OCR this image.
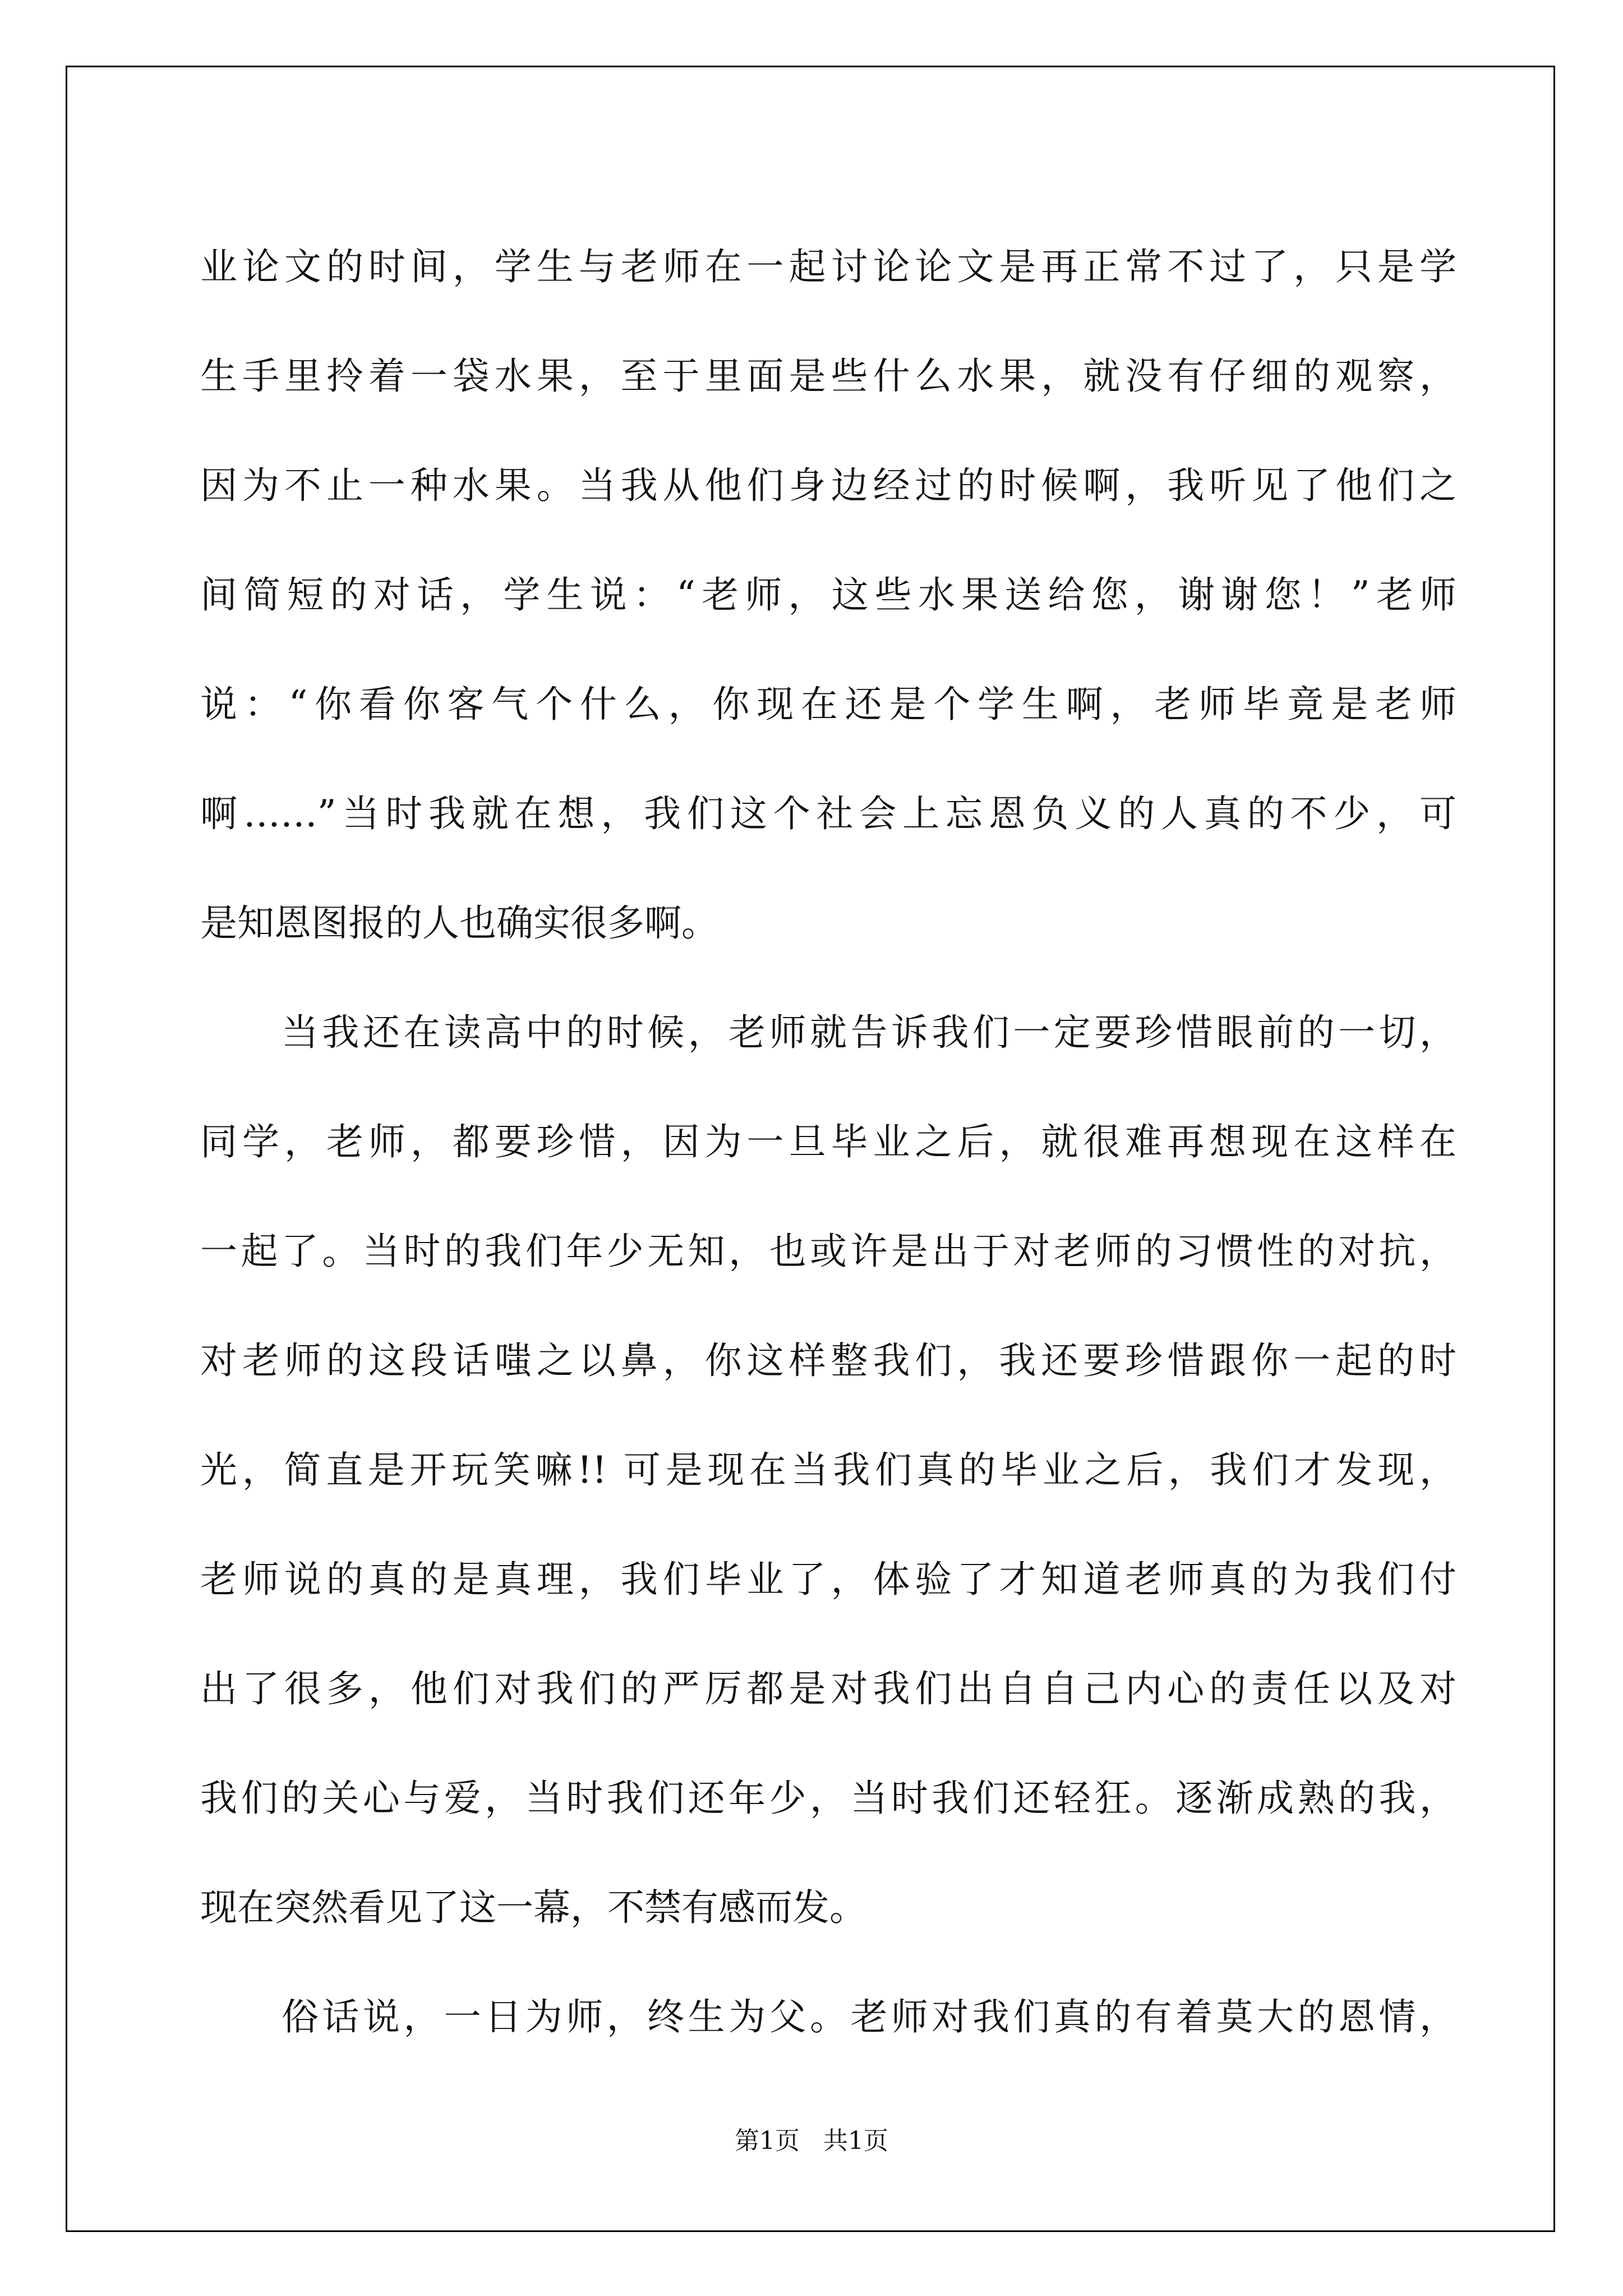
业论文的时间，学生与老师在一起讨论论文是再正常不过了，只是学
生手里拎着一袋水果，至于里面是些什么水果，就没有仔细的观察，
因为不止一种水果。当我从他们身边经过的时候啊，我听见了他们之
间简短的对话，学生说：“老师，这些水果送给您，谢谢您！”老师
说：“你看你客气个什么，你现在还是个学生啊，老师毕竟是老师
啊……”当时我就在想，我们这个社会上忘恩负义的人真的不少，可
是知恩图报的人也确实很多啊。
　　当我还在读高中的时候，老师就告诉我们一定要珍惜眼前的一切，
同学，老师，都要珍惜，因为一旦毕业之后，就很难再想现在这样在
一起了。当时的我们年少无知，也或许是出于对老师的习惯性的对抗，
对老师的这段话嗤之以鼻，你这样整我们，我还要珍惜跟你一起的时
光，简直是开玩笑嘛!! 可是现在当我们真的毕业之后，我们才发现，
老师说的真的是真理，我们毕业了，体验了才知道老师真的为我们付
出了很多，他们对我们的严厉都是对我们出自自己内心的责任以及对
我们的关心与爱，当时我们还年少，当时我们还轻狂。逐渐成熟的我，
现在突然看见了这一幕，不禁有感而发。
　　俗话说，一日为师，终生为父。老师对我们真的有着莫大的恩情，
第1页 共1页
